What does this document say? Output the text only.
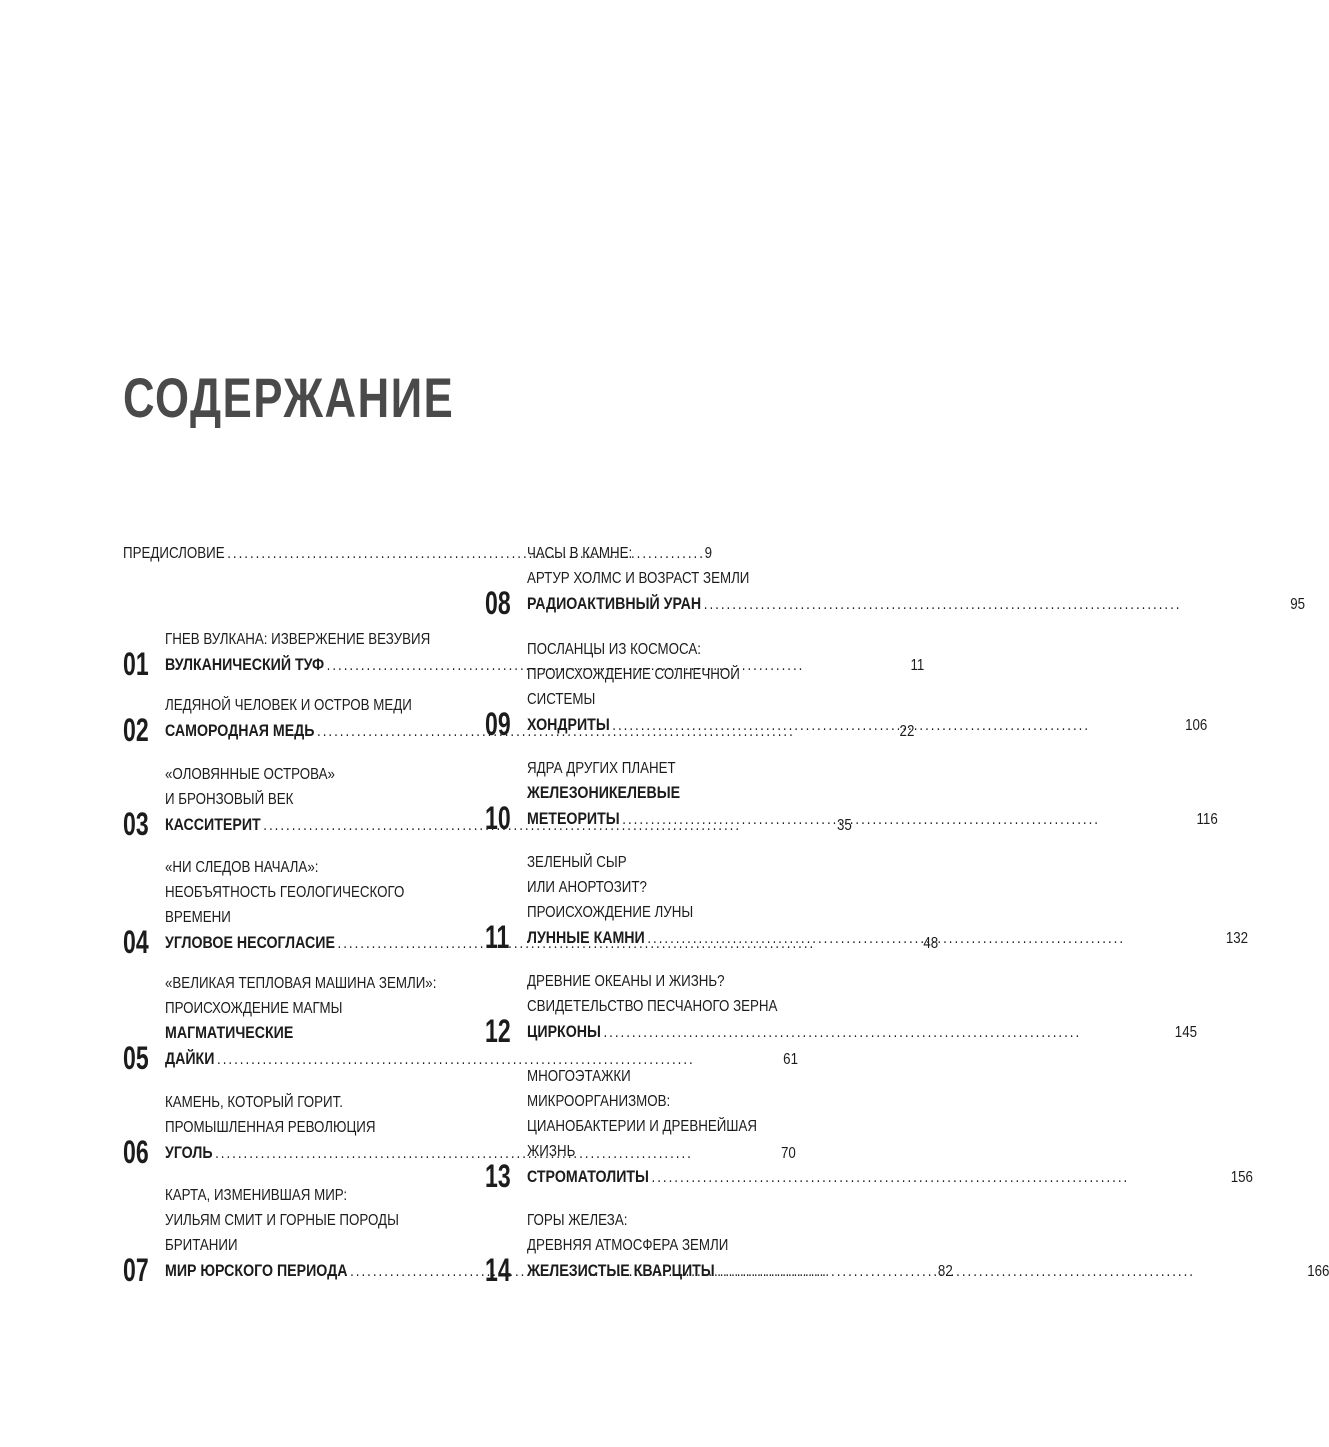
СОДЕРЖАНИЕ
ПРЕДИСЛОВИЕ . . .	9
01
ГНЕВ ВУЛКАНА: ИЗВЕРЖЕНИЕ ВЕЗУВИЯ
ВУЛКАНИЧЕСКИЙ ТУФ . . .	11
02
ЛЕДЯНОЙ ЧЕЛОВЕК И ОСТРОВ МЕДИ
САМОРОДНАЯ МЕДЬ . . .	22
03
«ОЛОВЯННЫЕ ОСТРОВА»
И БРОНЗОВЫЙ ВЕК
КАССИТЕРИТ . . .	35
04
«НИ СЛЕДОВ НАЧАЛА»:
НЕОБЪЯТНОСТЬ ГЕОЛОГИЧЕСКОГО
ВРЕМЕНИ
УГЛОВОЕ НЕСОГЛАСИЕ . . .	48
05
«ВЕЛИКАЯ ТЕПЛОВАЯ МАШИНА ЗЕМЛИ»:
ПРОИСХОЖДЕНИЕ МАГМЫ
МАГМАТИЧЕСКИЕ
ДАЙКИ . . .	61
06
КАМЕНЬ, КОТОРЫЙ ГОРИТ.
ПРОМЫШЛЕННАЯ РЕВОЛЮЦИЯ
УГОЛЬ . . .	70
07
КАРТА, ИЗМЕНИВШАЯ МИР:
УИЛЬЯМ СМИТ И ГОРНЫЕ ПОРОДЫ
БРИТАНИИ
МИР ЮРСКОГО ПЕРИОДА . . .	82
08
ЧАСЫ В КАМНЕ:
АРТУР ХОЛМС И ВОЗРАСТ ЗЕМЛИ
РАДИОАКТИВНЫЙ УРАН . . .	95
09
ПОСЛАНЦЫ ИЗ КОСМОСА:
ПРОИСХОЖДЕНИЕ СОЛНЕЧНОЙ
СИСТЕМЫ
ХОНДРИТЫ . . .	106
10
ЯДРА ДРУГИХ ПЛАНЕТ
ЖЕЛЕЗОНИКЕЛЕВЫЕ
МЕТЕОРИТЫ . . .	116
11
ЗЕЛЕНЫЙ СЫР
ИЛИ АНОРТОЗИТ?
ПРОИСХОЖДЕНИЕ ЛУНЫ
ЛУННЫЕ КАМНИ . . .	132
12
ДРЕВНИЕ ОКЕАНЫ И ЖИЗНЬ?
СВИДЕТЕЛЬСТВО ПЕСЧАНОГО ЗЕРНА
ЦИРКОНЫ . . .	145
13
МНОГОЭТАЖКИ
МИКРООРГАНИЗМОВ:
ЦИАНОБАКТЕРИИ И ДРЕВНЕЙШАЯ
ЖИЗНЬ
СТРОМАТОЛИТЫ . . .	156
14
ГОРЫ ЖЕЛЕЗА:
ДРЕВНЯЯ АТМОСФЕРА ЗЕМЛИ
ЖЕЛЕЗИСТЫЕ КВАРЦИТЫ . . .	166
